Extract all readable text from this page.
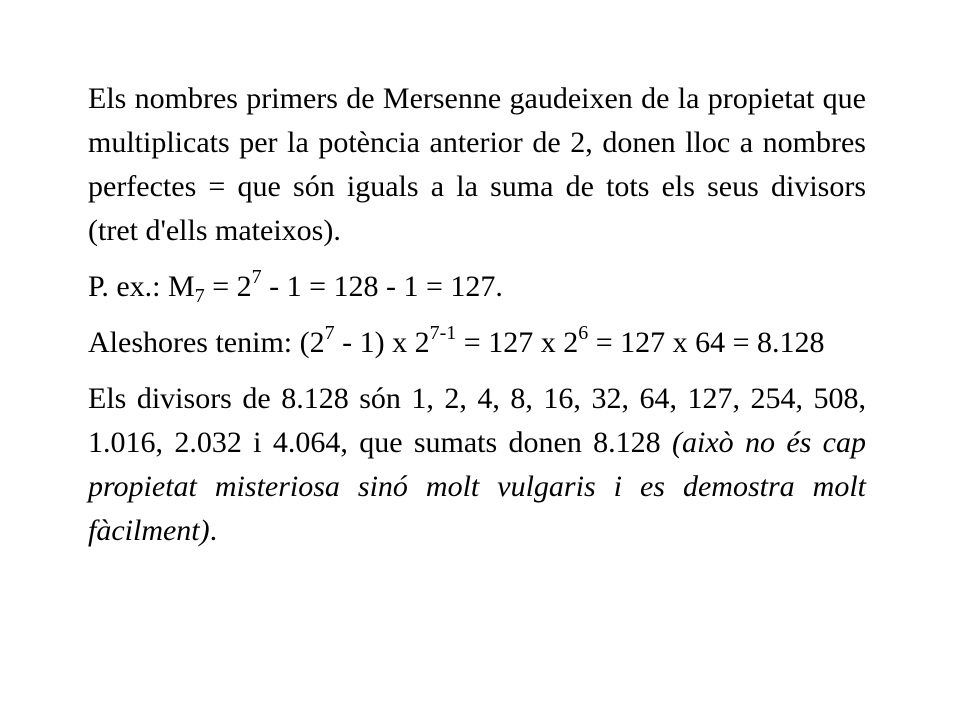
Els nombres primers de Mersenne gaudeixen de la propietat que multiplicats per la potència anterior de 2, donen lloc a nombres perfectes = que són iguals a la suma de tots els seus divisors (tret d'ells mateixos).

P. ex.: $M_7 = 2^7 - 1 = 128 - 1 = 127$.

Aleshores tenim: $(2^7 - 1)$ x $2^{7-1} = 127$ x $2^6 = 127$ x 64 = 8.128

Els divisors de 8.128 són 1, 2, 4, 8, 16, 32, 64, 127, 254, 508, 1.016, 2.032 i 4.064, que sumats donen 8.128 (això no és cap propietat misteriosa sinó molt vulgaris i es demostra molt fàcilment).
